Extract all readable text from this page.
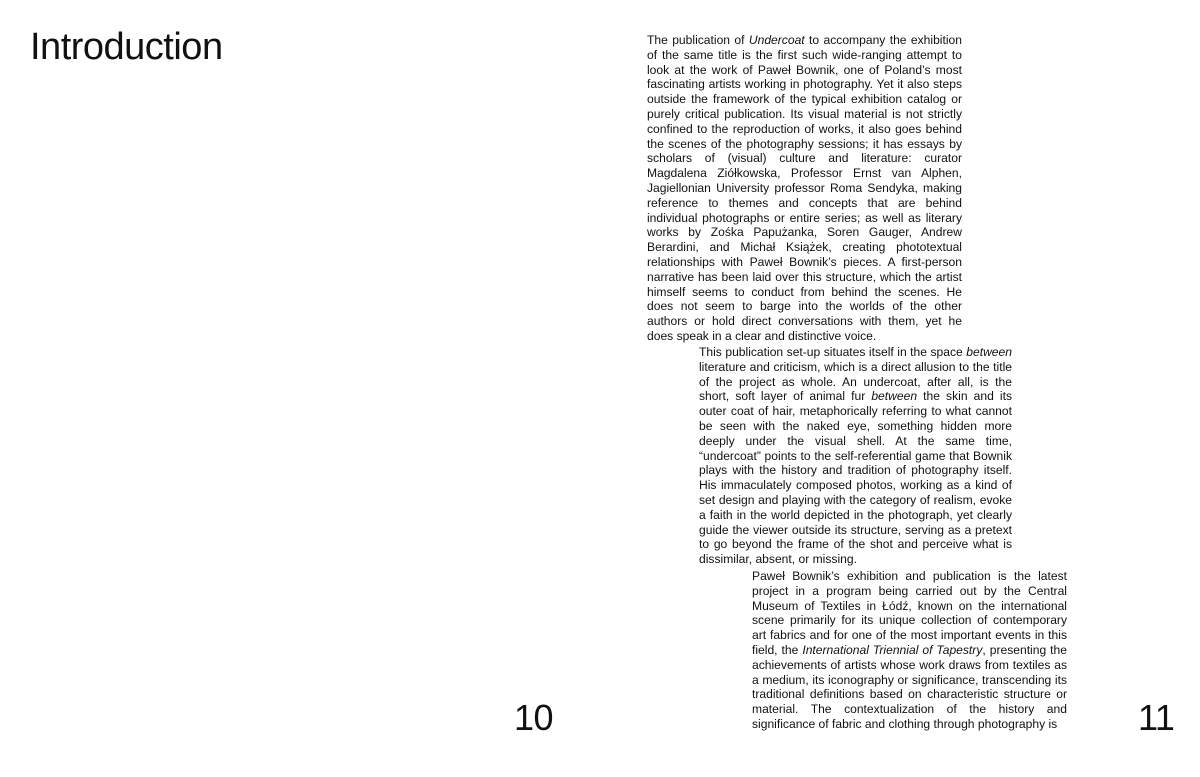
Introduction
10

The publication of Undercoat to accompany the exhibition of the same title is the first such wide-ranging attempt to look at the work of Paweł Bownik, one of Poland’s most fascinating artists working in photography. Yet it also steps outside the framework of the typical exhibition catalog or purely critical publication. Its visual material is not strictly confined to the reproduction of works, it also goes behind the scenes of the photography sessions; it has essays by scholars of (visual) culture and literature: curator Magdalena Ziółkowska, Professor Ernst van Alphen, Jagiellonian University professor Roma Sendyka, making reference to themes and concepts that are behind individual photographs or entire series; as well as literary works by Zośka Papużanka, Soren Gauger, Andrew Berardini, and Michał Książek, creating phototextual relationships with Paweł Bownik’s pieces. A first-person narrative has been laid over this structure, which the artist himself seems to conduct from behind the scenes. He does not seem to barge into the worlds of the other authors or hold direct conversations with them, yet he does speak in a clear and distinctive voice.

This publication set-up situates itself in the space between literature and criticism, which is a direct allusion to the title of the project as whole. An undercoat, after all, is the short, soft layer of animal fur between the skin and its outer coat of hair, metaphorically referring to what cannot be seen with the naked eye, something hidden more deeply under the visual shell. At the same time, “undercoat” points to the self-referential game that Bownik plays with the history and tradition of photography itself. His immaculately composed photos, working as a kind of set design and playing with the category of realism, evoke a faith in the world depicted in the photograph, yet clearly guide the viewer outside its structure, serving as a pretext to go beyond the frame of the shot and perceive what is dissimilar, absent, or missing.

Paweł Bownik’s exhibition and publication is the latest project in a program being carried out by the Central Museum of Textiles in Łódź, known on the international scene primarily for its unique collection of contemporary art fabrics and for one of the most important events in this field, the International Triennial of Tapestry, presenting the achievements of artists whose work draws from textiles as a medium, its iconography or significance, transcending its traditional definitions based on characteristic structure or material. The contextualization of the history and significance of fabric and clothing through photography is 11
